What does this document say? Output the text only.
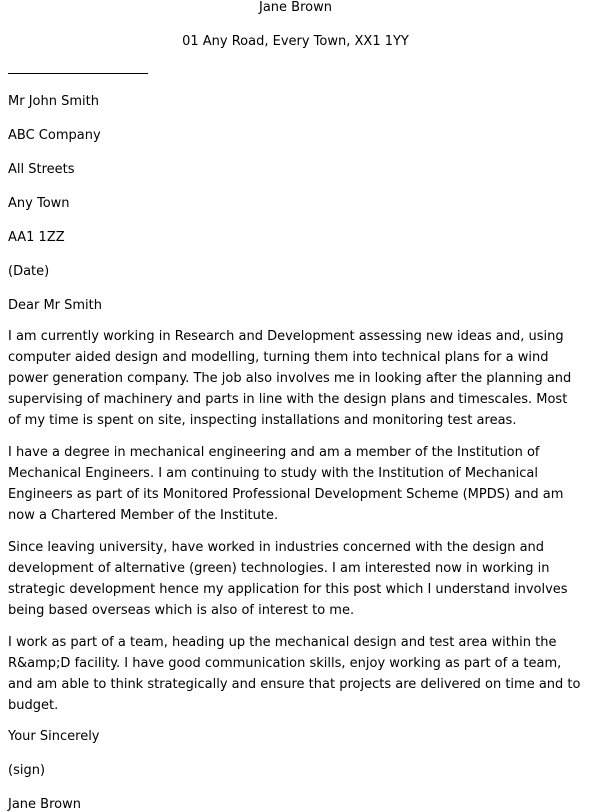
Jane Brown
01 Any Road, Every Town, XX1 1YY
Mr John Smith
ABC Company
All Streets
Any Town
AA1 1ZZ
(Date)
Dear Mr Smith
I am currently working in Research and Development assessing new ideas and, using computer aided design and modelling, turning them into technical plans for a wind power generation company. The job also involves me in looking after the planning and supervising of machinery and parts in line with the design plans and timescales. Most of my time is spent on site, inspecting installations and monitoring test areas.
I have a degree in mechanical engineering and am a member of the Institution of Mechanical Engineers. I am continuing to study with the Institution of Mechanical Engineers as part of its Monitored Professional Development Scheme (MPDS) and am now a Chartered Member of the Institute.
Since leaving university, have worked in industries concerned with the design and development of alternative (green) technologies. I am interested now in working in strategic development hence my application for this post which I understand involves being based overseas which is also of interest to me.
I work as part of a team, heading up the mechanical design and test area within the R&amp;D facility. I have good communication skills, enjoy working as part of a team, and am able to think strategically and ensure that projects are delivered on time and to budget.
Your Sincerely
(sign)
Jane Brown
